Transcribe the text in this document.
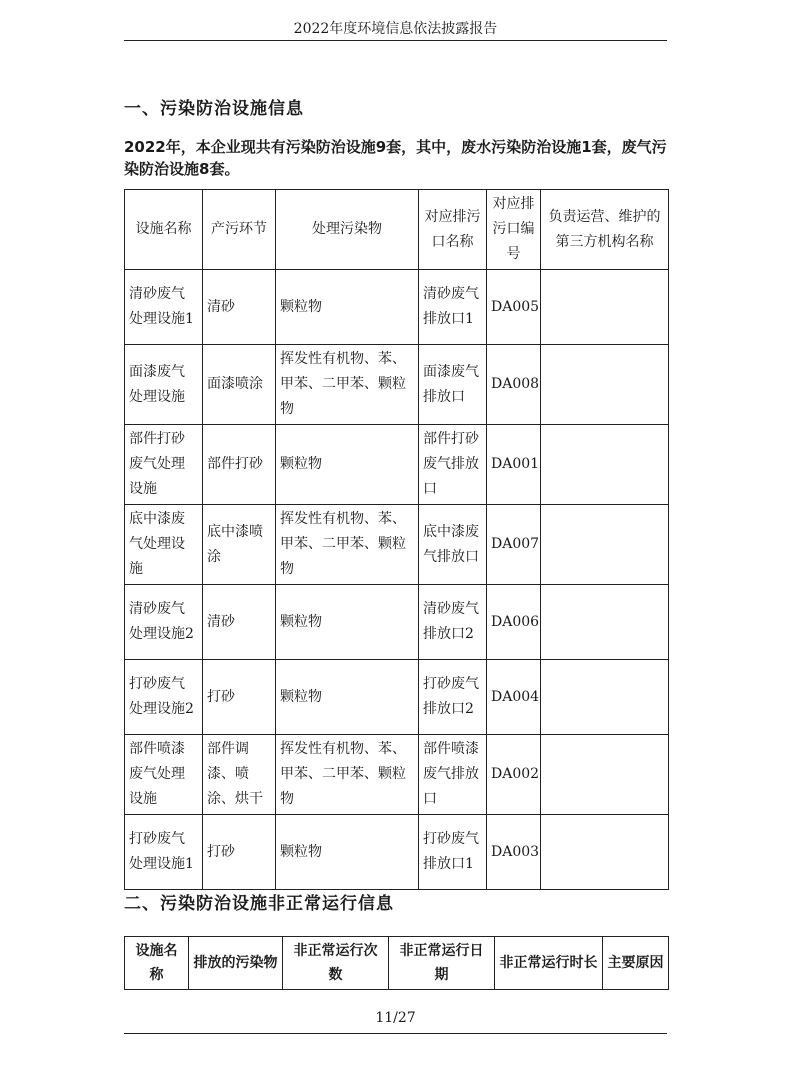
2022年度环境信息依法披露报告
一、污染防治设施信息
2022年，本企业现共有污染防治设施9套，其中，废水污染防治设施1套，废气污染防治设施8套。
设施名称	产污环节	处理污染物	对应排污口名称	对应排污口编号	负责运营、维护的第三方机构名称
清砂废气处理设施1	清砂	颗粒物	清砂废气排放口1	DA005	
面漆废气处理设施	面漆喷涂	挥发性有机物、苯、甲苯、二甲苯、颗粒物	面漆废气排放口	DA008	
部件打砂废气处理设施	部件打砂	颗粒物	部件打砂废气排放口	DA001	
底中漆废气处理设施	底中漆喷涂	挥发性有机物、苯、甲苯、二甲苯、颗粒物	底中漆废气排放口	DA007	
清砂废气处理设施2	清砂	颗粒物	清砂废气排放口2	DA006	
打砂废气处理设施2	打砂	颗粒物	打砂废气排放口2	DA004	
部件喷漆废气处理设施	部件调漆、喷涂、烘干	挥发性有机物、苯、甲苯、二甲苯、颗粒物	部件喷漆废气排放口	DA002	
打砂废气处理设施1	打砂	颗粒物	打砂废气排放口1	DA003	
二、污染防治设施非正常运行信息
设施名称	排放的污染物	非正常运行次数	非正常运行日期	非正常运行时长	主要原因
11/27
